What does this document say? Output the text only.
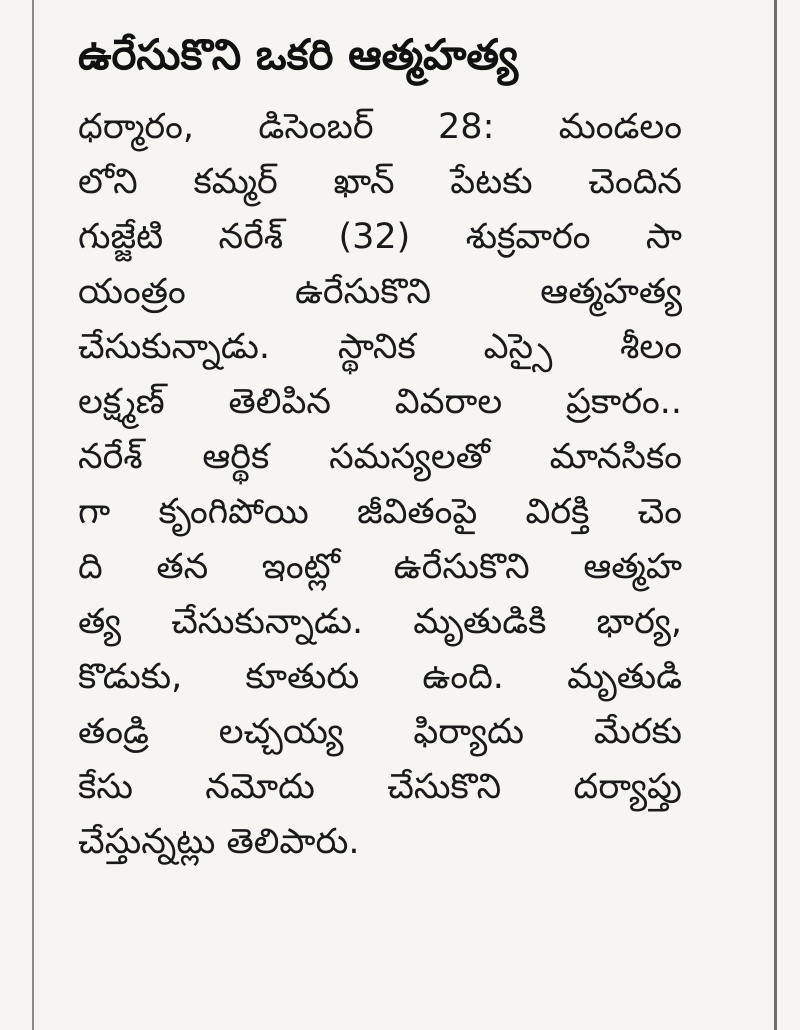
ఉరేసుకొని ఒకరి ఆత్మహత్య
ధర్మారం, డిసెంబర్ 28: మండలం
లోని కమ్మర్ ఖాన్ పేటకు చెందిన
గుజ్జేటి నరేశ్ (32) శుక్రవారం సా
యంత్రం ఉరేసుకొని ఆత్మహత్య
చేసుకున్నాడు. స్థానిక ఎస్సై శీలం
లక్ష్మణ్ తెలిపిన వివరాల ప్రకారం..
నరేశ్ ఆర్థిక సమస్యలతో మానసికం
గా కృంగిపోయి జీవితంపై విరక్తి చెం
ది తన ఇంట్లో ఉరేసుకొని ఆత్మహ
త్య చేసుకున్నాడు. మృతుడికి భార్య,
కొడుకు, కూతురు ఉంది. మృతుడి
తండ్రి లచ్చయ్య ఫిర్యాదు మేరకు
కేసు నమోదు చేసుకొని దర్యాప్తు
చేస్తున్నట్లు తెలిపారు.
